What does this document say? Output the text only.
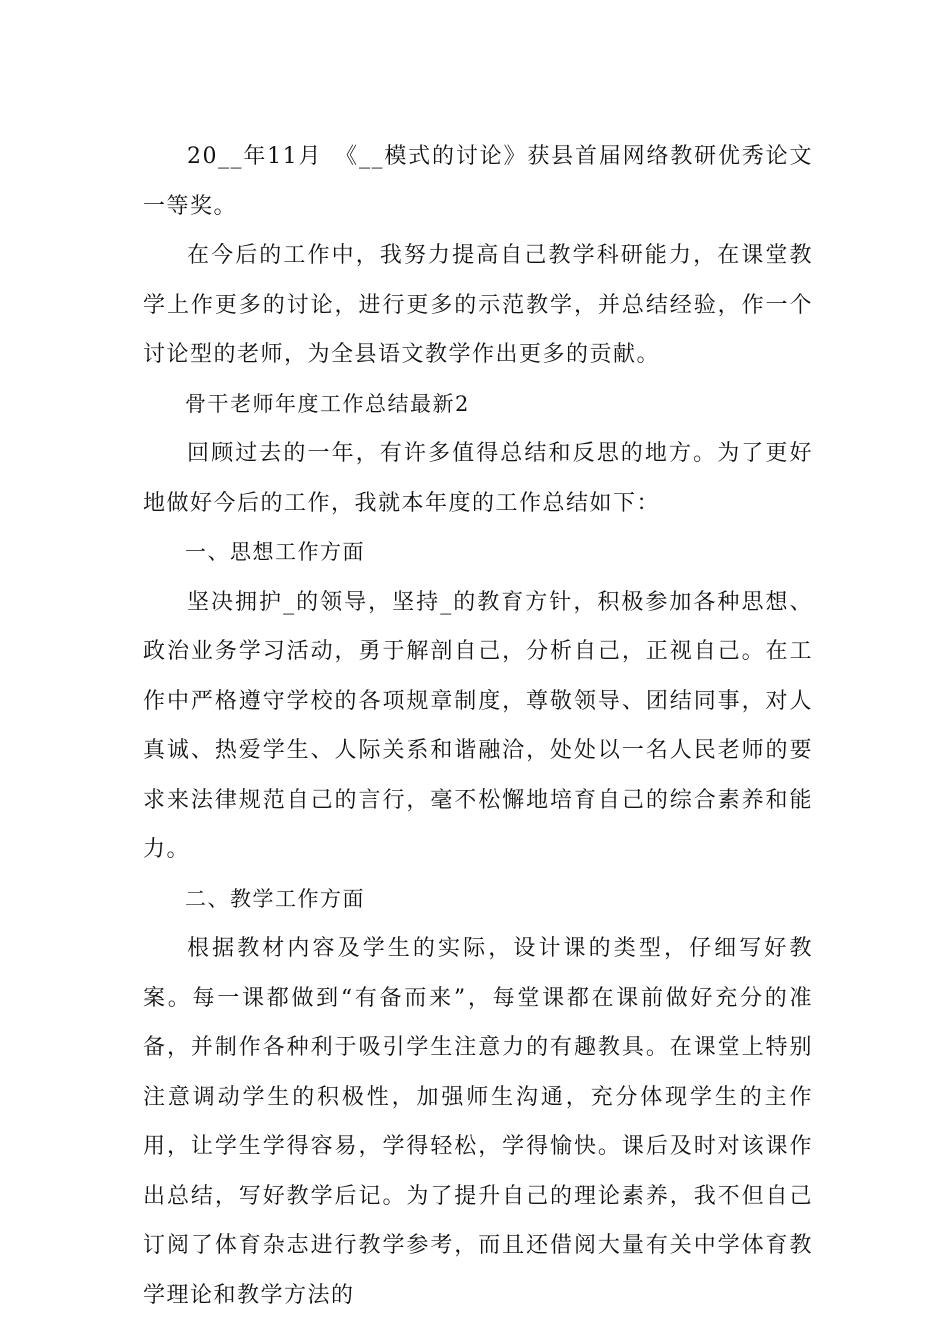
20__年11月　《__模式的讨论》获县首届网络教研优秀论文一等奖。

在今后的工作中，我努力提高自己教学科研能力，在课堂教学上作更多的讨论，进行更多的示范教学，并总结经验，作一个讨论型的老师，为全县语文教学作出更多的贡献。

骨干老师年度工作总结最新2

回顾过去的一年，有许多值得总结和反思的地方。为了更好地做好今后的工作，我就本年度的工作总结如下：

一、思想工作方面

坚决拥护_的领导，坚持_的教育方针，积极参加各种思想、政治业务学习活动，勇于解剖自己，分析自己，正视自己。在工作中严格遵守学校的各项规章制度，尊敬领导、团结同事，对人真诚、热爱学生、人际关系和谐融洽，处处以一名人民老师的要求来法律规范自己的言行，毫不松懈地培育自己的综合素养和能力。

二、教学工作方面

根据教材内容及学生的实际，设计课的类型，仔细写好教案。每一课都做到“有备而来”，每堂课都在课前做好充分的准备，并制作各种利于吸引学生注意力的有趣教具。在课堂上特别注意调动学生的积极性，加强师生沟通，充分体现学生的主作用，让学生学得容易，学得轻松，学得愉快。课后及时对该课作出总结，写好教学后记。为了提升自己的理论素养，我不但自己订阅了体育杂志进行教学参考，而且还借阅大量有关中学体育教学理论和教学方法的
